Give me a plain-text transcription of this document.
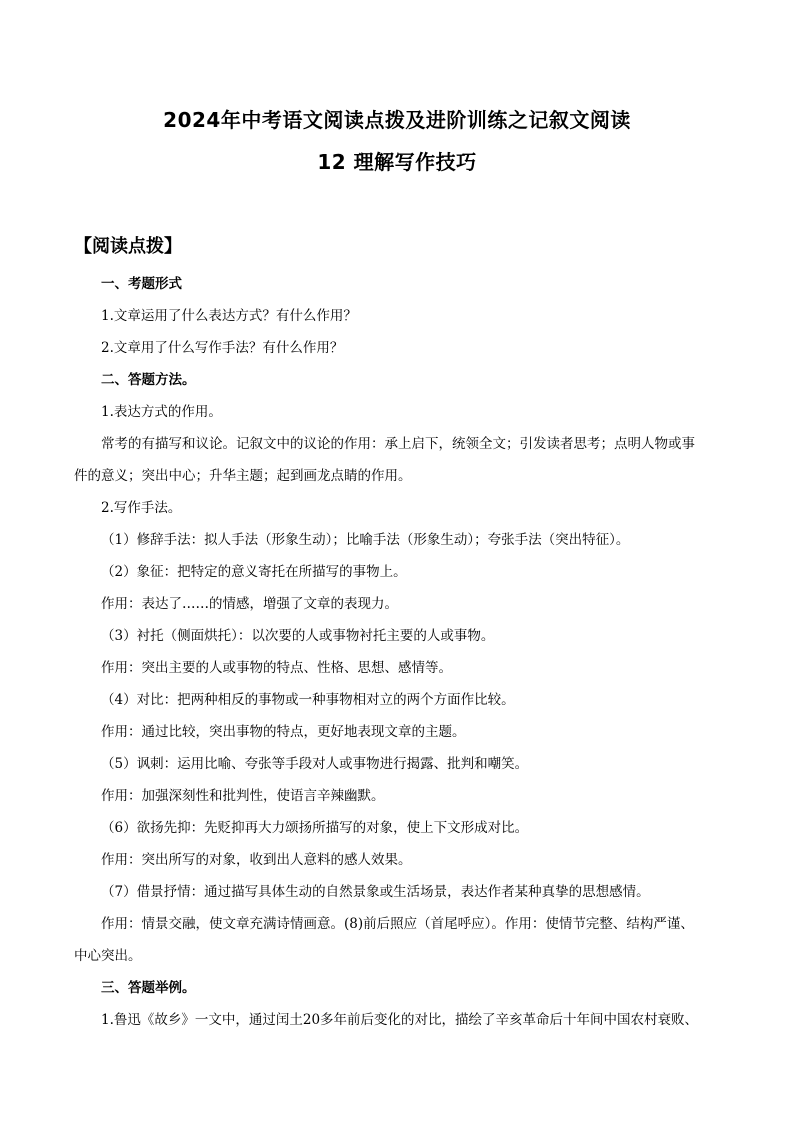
2024年中考语文阅读点拨及进阶训练之记叙文阅读
12 理解写作技巧
【阅读点拨】
一、考题形式
1.文章运用了什么表达方式？有什么作用？
2.文章用了什么写作手法？有什么作用？
二、答题方法。
1.表达方式的作用。
常考的有描写和议论。记叙文中的议论的作用：承上启下，统领全文；引发读者思考；点明人物或事
件的意义；突出中心；升华主题；起到画龙点睛的作用。
2.写作手法。
（1）修辞手法：拟人手法（形象生动）；比喻手法（形象生动）；夸张手法（突出特征）。
（2）象征：把特定的意义寄托在所描写的事物上。
作用：表达了……的情感，增强了文章的表现力。
（3）衬托（侧面烘托）：以次要的人或事物衬托主要的人或事物。
作用：突出主要的人或事物的特点、性格、思想、感情等。
（4）对比：把两种相反的事物或一种事物相对立的两个方面作比较。
作用：通过比较，突出事物的特点，更好地表现文章的主题。
（5）讽刺：运用比喻、夸张等手段对人或事物进行揭露、批判和嘲笑。
作用：加强深刻性和批判性，使语言辛辣幽默。
（6）欲扬先抑：先贬抑再大力颂扬所描写的对象，使上下文形成对比。
作用：突出所写的对象，收到出人意料的感人效果。
（7）借景抒情：通过描写具体生动的自然景象或生活场景，表达作者某种真挚的思想感情。
作用：情景交融，使文章充满诗情画意。(8)前后照应（首尾呼应）。作用：使情节完整、结构严谨、
中心突出。
三、答题举例。
1.鲁迅《故乡》一文中，通过闰土20多年前后变化的对比，描绘了辛亥革命后十年间中国农村衰败、
